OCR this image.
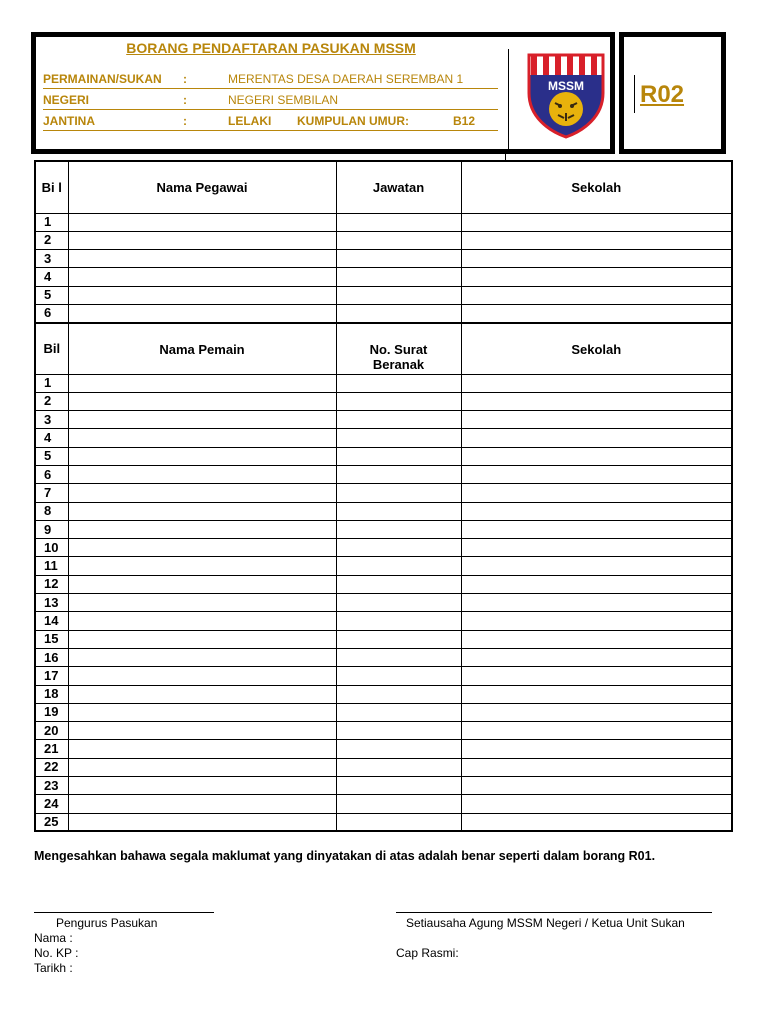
BORANG PENDAFTARAN PASUKAN MSSM
PERMAINAN/SUKAN :	MERENTAS DESA DAERAH SEREMBAN 1
NEGERI	:	NEGERI SEMBILAN
JANTINA	:	LELAKI KUMPULAN UMUR:	B12
MSSM R02
Bi l	Nama Pegawai	Jawatan	Sekolah
1			
2			
3			
4			
5			
6			
Bil	Nama Pemain	No. Surat Beranak	Sekolah
1			
2			
3			
4			
5			
6			
7			
8			
9			
10			
11			
12			
13			
14			
15			
16			
17			
18			
19			
20			
21			
22			
23			
24			
25			
Mengesahkan bahawa segala maklumat yang dinyatakan di atas adalah benar seperti dalam borang R01.
Pengurus Pasukan
Nama :
No. KP :
Tarikh :
Setiausaha Agung MSSM Negeri / Ketua Unit Sukan
Cap Rasmi:
